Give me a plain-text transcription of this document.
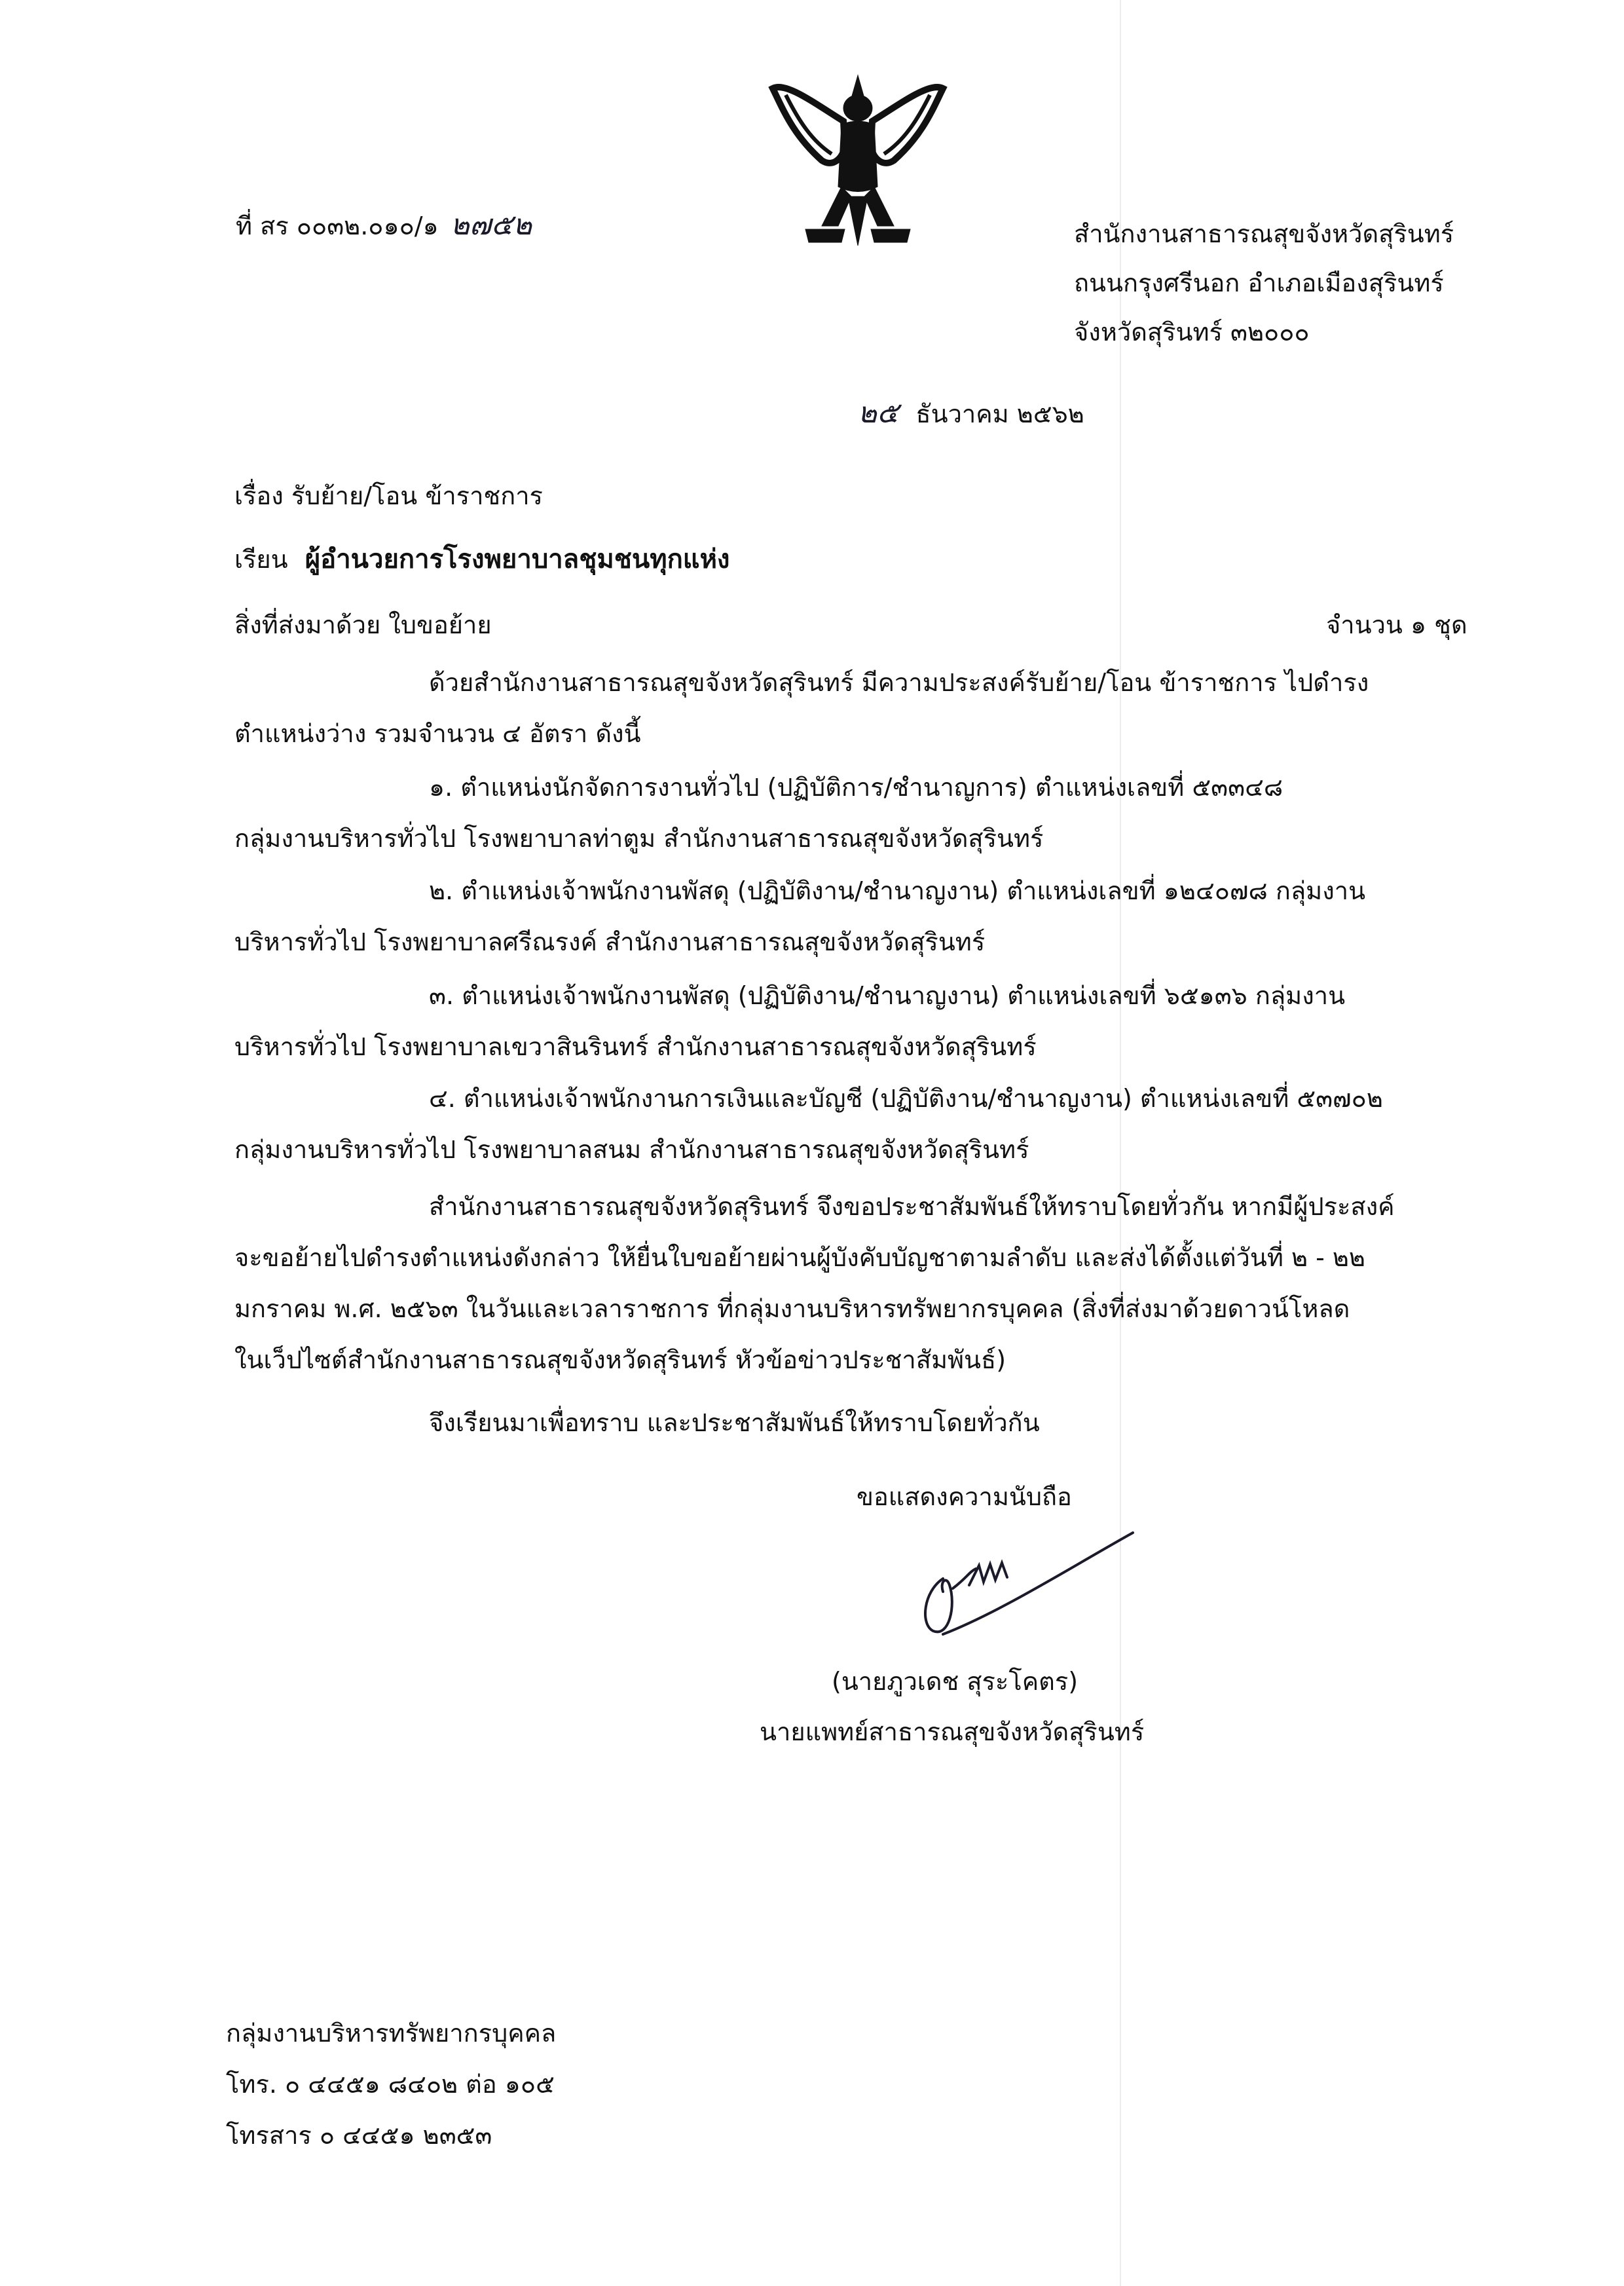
ที่ สร ๐๐๓๒.๐๑๐/๑ ๒๗๕๒	สำนักงานสาธารณสุขจังหวัดสุรินทร์
ถนนกรุงศรีนอก อำเภอเมืองสุรินทร์
จังหวัดสุรินทร์ ๓๒๐๐๐
๒๕ ธันวาคม ๒๕๖๒
เรื่อง รับย้าย/โอน ข้าราชการ
เรียน ผู้อำนวยการโรงพยาบาลชุมชนทุกแห่ง
สิ่งที่ส่งมาด้วย ใบขอย้าย	จำนวน ๑ ชุด
ด้วยสำนักงานสาธารณสุขจังหวัดสุรินทร์ มีความประสงค์รับย้าย/โอน ข้าราชการ ไปดำรง
ตำแหน่งว่าง รวมจำนวน ๔ อัตรา ดังนี้
๑. ตำแหน่งนักจัดการงานทั่วไป (ปฏิบัติการ/ชำนาญการ) ตำแหน่งเลขที่ ๕๓๓๔๘
กลุ่มงานบริหารทั่วไป โรงพยาบาลท่าตูม สำนักงานสาธารณสุขจังหวัดสุรินทร์
๒. ตำแหน่งเจ้าพนักงานพัสดุ (ปฏิบัติงาน/ชำนาญงาน) ตำแหน่งเลขที่ ๑๒๔๐๗๘ กลุ่มงาน
บริหารทั่วไป โรงพยาบาลศรีณรงค์ สำนักงานสาธารณสุขจังหวัดสุรินทร์
๓. ตำแหน่งเจ้าพนักงานพัสดุ (ปฏิบัติงาน/ชำนาญงาน) ตำแหน่งเลขที่ ๖๕๑๓๖ กลุ่มงาน
บริหารทั่วไป โรงพยาบาลเขวาสินรินทร์ สำนักงานสาธารณสุขจังหวัดสุรินทร์
๔. ตำแหน่งเจ้าพนักงานการเงินและบัญชี (ปฏิบัติงาน/ชำนาญงาน) ตำแหน่งเลขที่ ๕๓๗๐๒
กลุ่มงานบริหารทั่วไป โรงพยาบาลสนม สำนักงานสาธารณสุขจังหวัดสุรินทร์
สำนักงานสาธารณสุขจังหวัดสุรินทร์ จึงขอประชาสัมพันธ์ให้ทราบโดยทั่วกัน หากมีผู้ประสงค์
จะขอย้ายไปดำรงตำแหน่งดังกล่าว ให้ยื่นใบขอย้ายผ่านผู้บังคับบัญชาตามลำดับ และส่งได้ตั้งแต่วันที่ ๒ - ๒๒
มกราคม พ.ศ. ๒๕๖๓ ในวันและเวลาราชการ ที่กลุ่มงานบริหารทรัพยากรบุคคล (สิ่งที่ส่งมาด้วยดาวน์โหลด
ในเว็ปไซต์สำนักงานสาธารณสุขจังหวัดสุรินทร์ หัวข้อข่าวประชาสัมพันธ์)
จึงเรียนมาเพื่อทราบ และประชาสัมพันธ์ให้ทราบโดยทั่วกัน
ขอแสดงความนับถือ
(นายภูวเดช สุระโคตร)
นายแพทย์สาธารณสุขจังหวัดสุรินทร์
กลุ่มงานบริหารทรัพยากรบุคคล
โทร. ๐ ๔๔๕๑ ๘๔๐๒ ต่อ ๑๐๕
โทรสาร ๐ ๔๔๕๑ ๒๓๕๓
